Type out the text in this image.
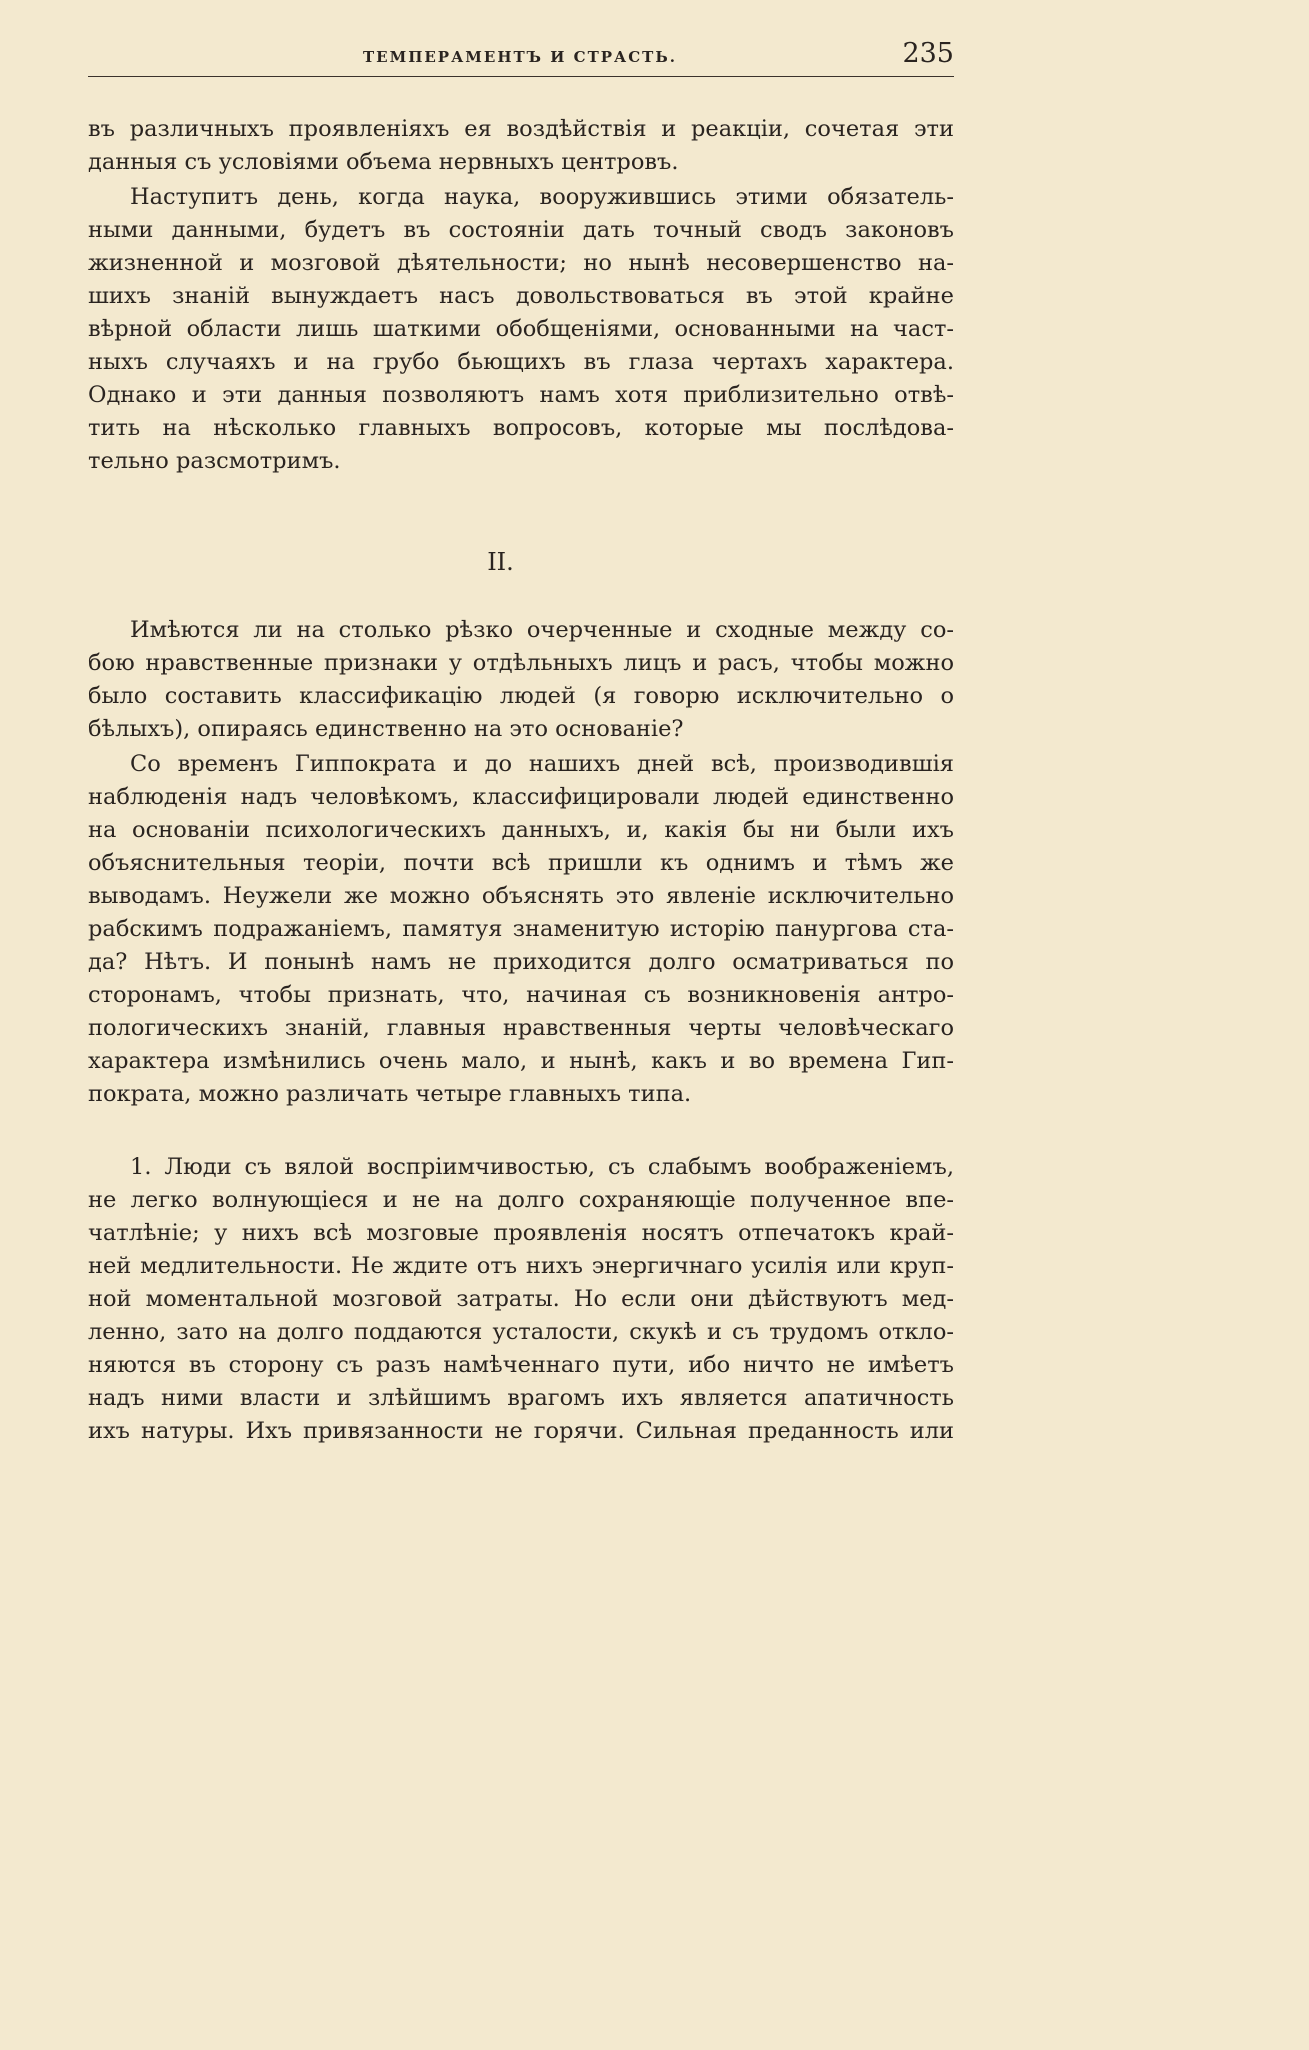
ТЕМПЕРАМЕНТЪ И СТРАСТЬ.	235
въ различныхъ проявленіяхъ ея воздѣйствія и реакціи, сочетая эти
данныя съ условіями объема нервныхъ центровъ.
Наступитъ день, когда наука, вооружившись этими обязатель-
ными данными, будетъ въ состояніи дать точный сводъ законовъ
жизненной и мозговой дѣятельности; но нынѣ несовершенство на-
шихъ знаній вынуждаетъ насъ довольствоваться въ этой крайне
вѣрной области лишь шаткими обобщеніями, основанными на част-
ныхъ случаяхъ и на грубо бьющихъ въ глаза чертахъ характера.
Однако и эти данныя позволяютъ намъ хотя приблизительно отвѣ-
тить на нѣсколько главныхъ вопросовъ, которые мы послѣдова-
тельно разсмотримъ.
II.
Имѣются ли на столько рѣзко очерченные и сходные между со-
бою нравственные признаки у отдѣльныхъ лицъ и расъ, чтобы можно
было составить классификацію людей (я говорю исключительно о
бѣлыхъ), опираясь единственно на это основаніе?
Со временъ Гиппократа и до нашихъ дней всѣ, производившія
наблюденія надъ человѣкомъ, классифицировали людей единственно
на основаніи психологическихъ данныхъ, и, какія бы ни были ихъ
объяснительныя теоріи, почти всѣ пришли къ однимъ и тѣмъ же
выводамъ. Неужели же можно объяснять это явленіе исключительно
рабскимъ подражаніемъ, памятуя знаменитую исторію панургова ста-
да? Нѣтъ. И понынѣ намъ не приходится долго осматриваться по
сторонамъ, чтобы признать, что, начиная съ возникновенія антро-
пологическихъ знаній, главныя нравственныя черты человѣческаго
характера измѣнились очень мало, и нынѣ, какъ и во времена Гип-
пократа, можно различать четыре главныхъ типа.
1. Люди съ вялой воспріимчивостью, съ слабымъ воображеніемъ,
не легко волнующіеся и не на долго сохраняющіе полученное впе-
чатлѣніе; у нихъ всѣ мозговые проявленія носятъ отпечатокъ край-
ней медлительности. Не ждите отъ нихъ энергичнаго усилія или круп-
ной моментальной мозговой затраты. Но если они дѣйствуютъ мед-
ленно, зато на долго поддаются усталости, скукѣ и съ трудомъ откло-
няются въ сторону съ разъ намѣченнаго пути, ибо ничто не имѣетъ
надъ ними власти и злѣйшимъ врагомъ ихъ является апатичность
ихъ натуры. Ихъ привязанности не горячи. Сильная преданность или
